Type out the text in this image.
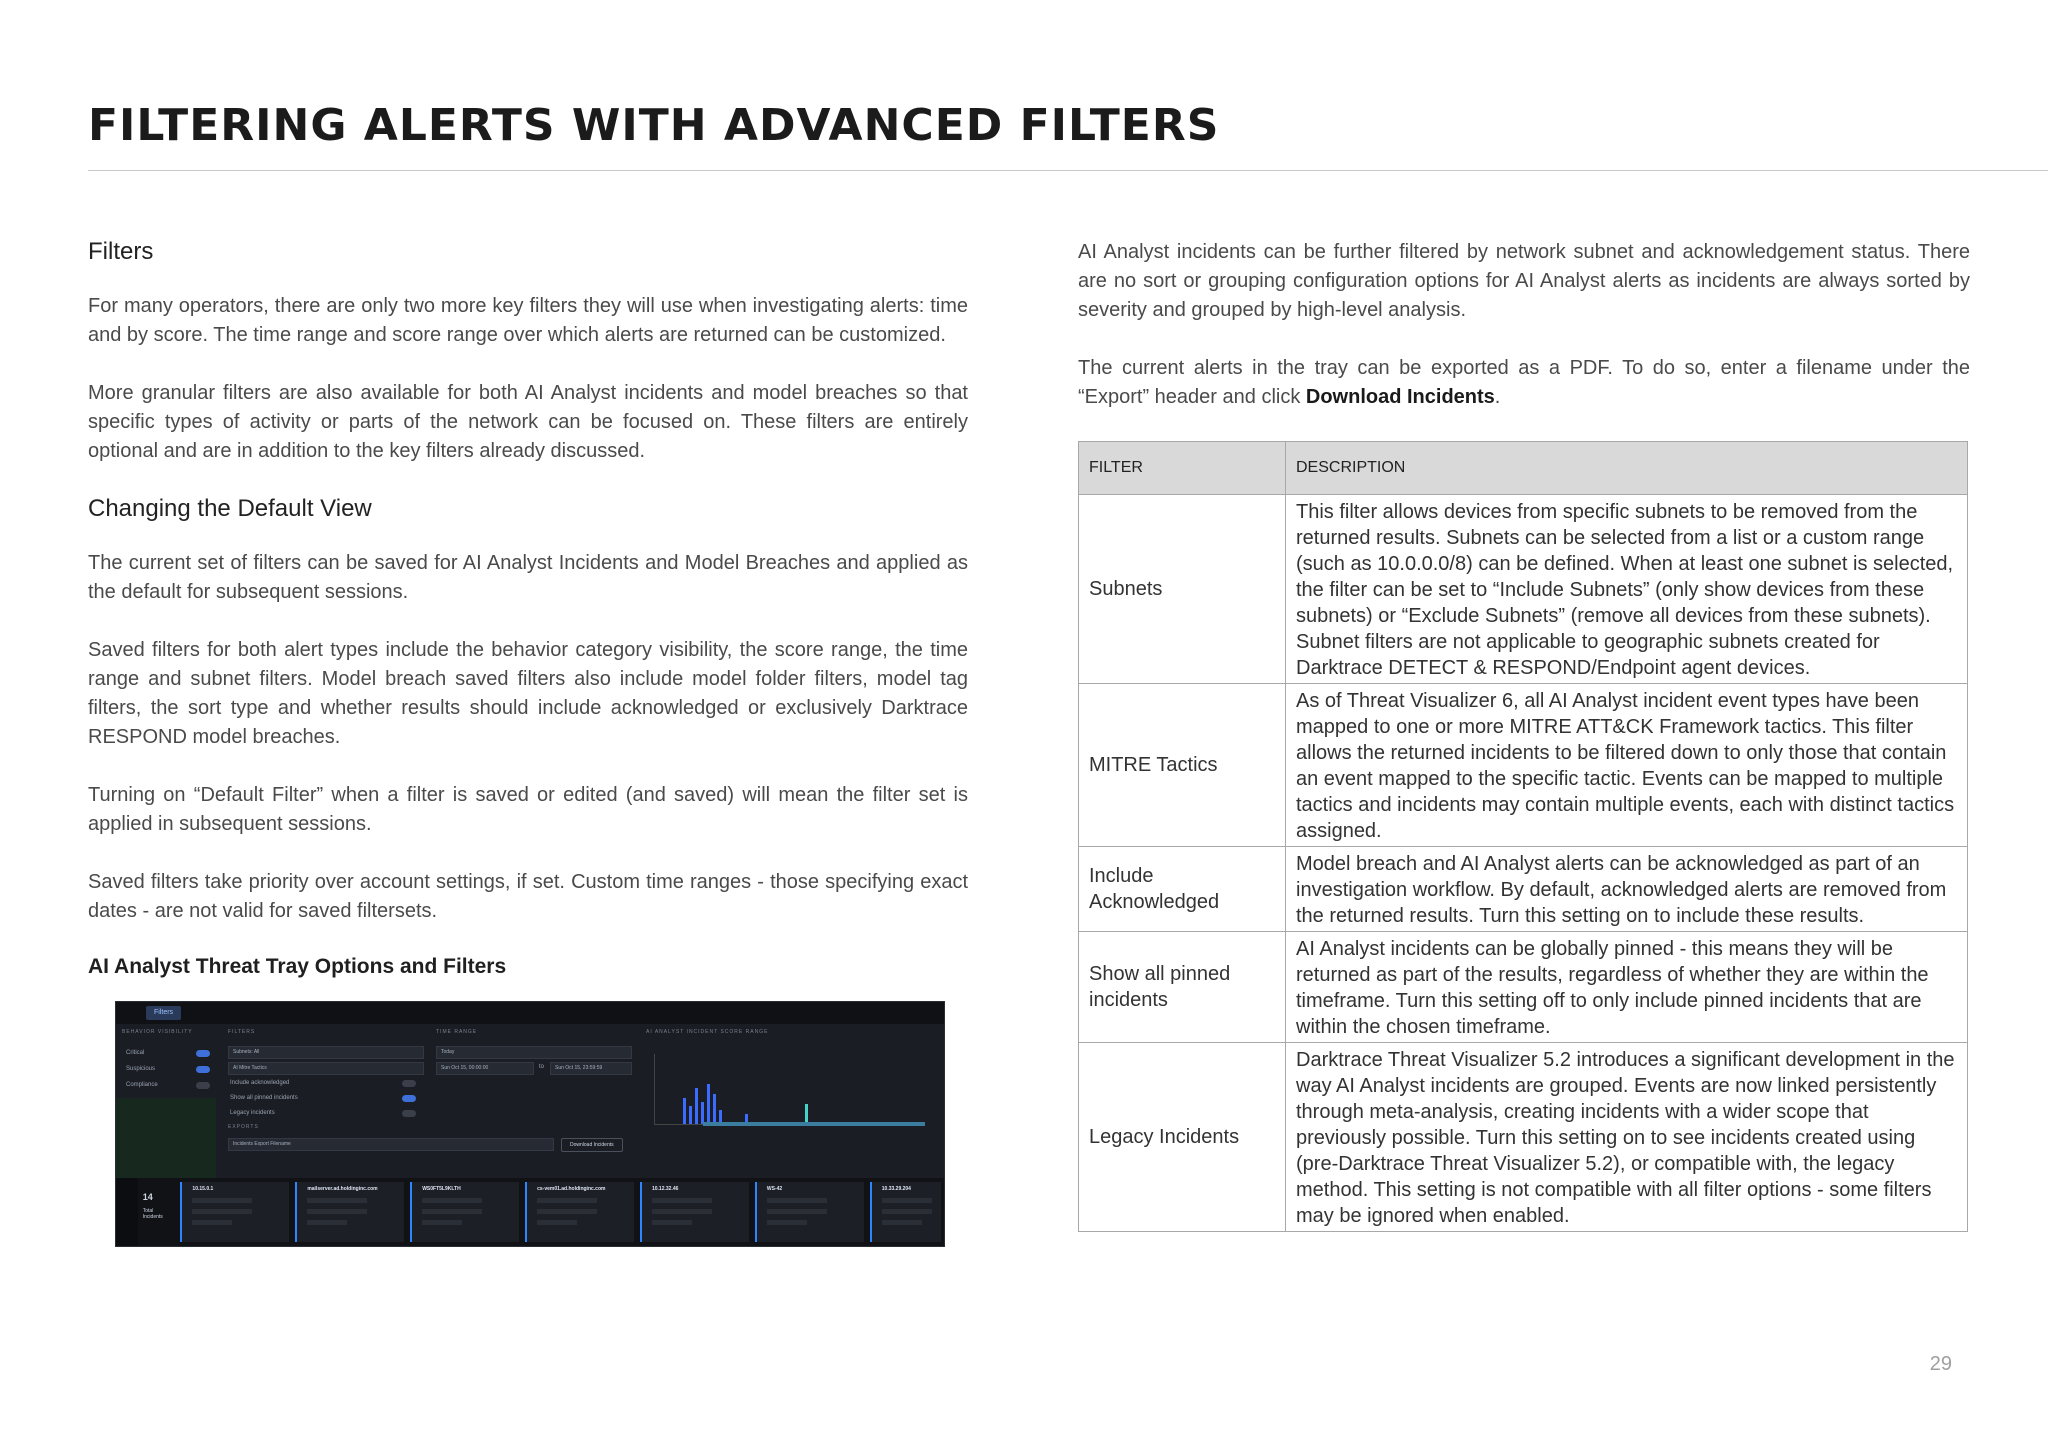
FILTERING ALERTS WITH ADVANCED FILTERS
Filters

For many operators, there are only two more key filters they will use when investigating alerts: time and by score. The time range and score range over which alerts are returned can be customized.

More granular filters are also available for both AI Analyst incidents and model breaches so that specific types of activity or parts of the network can be focused on. These filters are entirely optional and are in addition to the key filters already discussed.

Changing the Default View

The current set of filters can be saved for AI Analyst Incidents and Model Breaches and applied as the default for subsequent sessions.

Saved filters for both alert types include the behavior category visibility, the score range, the time range and subnet filters. Model breach saved filters also include model folder filters, model tag filters, the sort type and whether results should include acknowledged or exclusively Darktrace RESPOND model breaches.

Turning on “Default Filter” when a filter is saved or edited (and saved) will mean the filter set is applied in subsequent sessions.

Saved filters take priority over account settings, if set. Custom time ranges - those specifying exact dates - are not valid for saved filtersets.

AI Analyst Threat Tray Options and Filters
Filters
BEHAVIOR VISIBILITY	FILTERS	TIME RANGE	AI ANALYST INCIDENT SCORE RANGE
Critical
Suspicious
Compliance
Subnets: All
AI Mitre Tactics
Include acknowledged
Show all pinned incidents
Legacy incidents
EXPORTS
Incidents Export Filename	Download Incidents
Today
Sun Oct 15, 00:00:00	to	Sun Oct 15, 23:59:59
14
Total Incidents
10.15.0.1	mailserver.ad.holdinginc.com	WS0FT5L9KLTH	cs-vem01.ad.holdinginc.com	10.12.32.46	WS-42	10.33.29.204

AI Analyst incidents can be further filtered by network subnet and acknowledgement status. There are no sort or grouping configuration options for AI Analyst alerts as incidents are always sorted by severity and grouped by high-level analysis.

The current alerts in the tray can be exported as a PDF. To do so, enter a filename under the “Export” header and click Download Incidents.

FILTER	DESCRIPTION
Subnets	This filter allows devices from specific subnets to be removed from the returned results. Subnets can be selected from a list or a custom range (such as 10.0.0.0/8) can be defined. When at least one subnet is selected, the filter can be set to “Include Subnets” (only show devices from these subnets) or “Exclude Subnets” (remove all devices from these subnets). Subnet filters are not applicable to geographic subnets created for Darktrace DETECT & RESPOND/Endpoint agent devices.
MITRE Tactics	As of Threat Visualizer 6, all AI Analyst incident event types have been mapped to one or more MITRE ATT&CK Framework tactics. This filter allows the returned incidents to be filtered down to only those that contain an event mapped to the specific tactic. Events can be mapped to multiple tactics and incidents may contain multiple events, each with distinct tactics assigned.
Include Acknowledged	Model breach and AI Analyst alerts can be acknowledged as part of an investigation workflow. By default, acknowledged alerts are removed from the returned results. Turn this setting on to include these results.
Show all pinned incidents	AI Analyst incidents can be globally pinned - this means they will be returned as part of the results, regardless of whether they are within the timeframe. Turn this setting off to only include pinned incidents that are within the chosen timeframe.
Legacy Incidents	Darktrace Threat Visualizer 5.2 introduces a significant development in the way AI Analyst incidents are grouped. Events are now linked persistently through meta-analysis, creating incidents with a wider scope that previously possible. Turn this setting on to see incidents created using (pre-Darktrace Threat Visualizer 5.2), or compatible with, the legacy method. This setting is not compatible with all filter options - some filters may be ignored when enabled.
29
